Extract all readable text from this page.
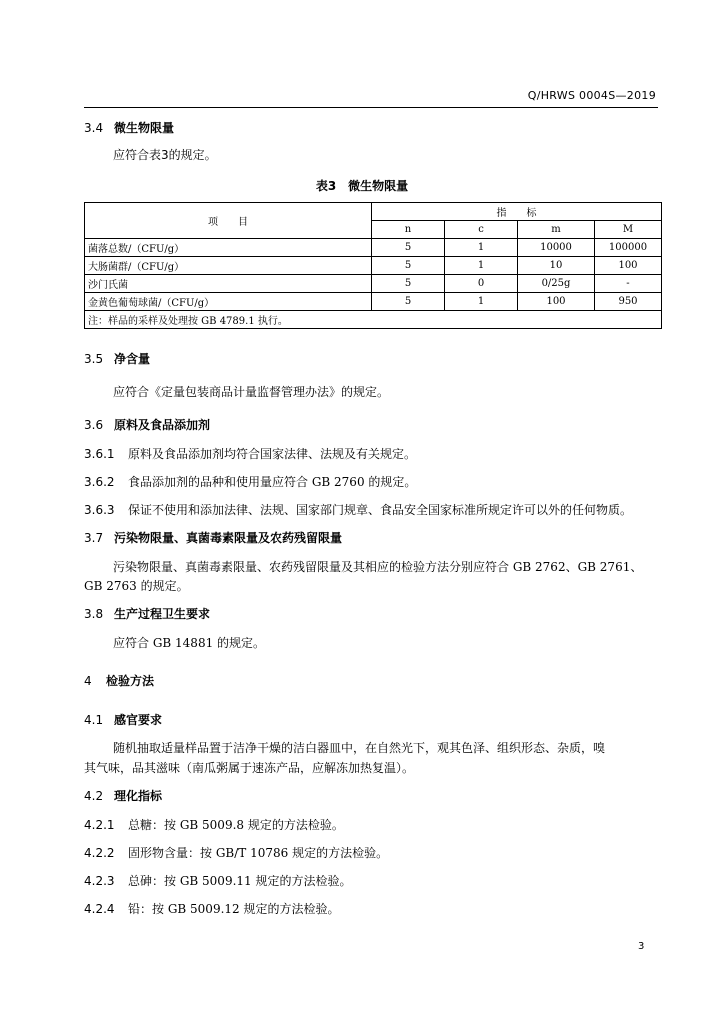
Q/HRWS 0004S—2019
3.4 微生物限量
应符合表3的规定。
表3　微生物限量
项　　目	指　　标			
	n	c	m	M
菌落总数/（CFU/g）	5	1	10000	100000
大肠菌群/（CFU/g）	5	1	10	100
沙门氏菌	5	0	0/25g	-
金黄色葡萄球菌/（CFU/g）	5	1	100	950
注：样品的采样及处理按 GB 4789.1 执行。				
3.5 净含量
应符合《定量包装商品计量监督管理办法》的规定。
3.6 原料及食品添加剂
3.6.1 原料及食品添加剂均符合国家法律、法规及有关规定。
3.6.2 食品添加剂的品种和使用量应符合 GB 2760 的规定。
3.6.3 保证不使用和添加法律、法规、国家部门规章、食品安全国家标准所规定许可以外的任何物质。
3.7 污染物限量、真菌毒素限量及农药残留限量
污染物限量、真菌毒素限量、农药残留限量及其相应的检验方法分别应符合 GB 2762、GB 2761、
GB 2763 的规定。
3.8 生产过程卫生要求
应符合 GB 14881 的规定。
4 检验方法
4.1 感官要求
随机抽取适量样品置于洁净干燥的洁白器皿中，在自然光下，观其色泽、组织形态、杂质，嗅
其气味，品其滋味（南瓜粥属于速冻产品，应解冻加热复温）。
4.2 理化指标
4.2.1 总糖：按 GB 5009.8 规定的方法检验。
4.2.2 固形物含量：按 GB/T 10786 规定的方法检验。
4.2.3 总砷：按 GB 5009.11 规定的方法检验。
4.2.4 铅：按 GB 5009.12 规定的方法检验。
3
